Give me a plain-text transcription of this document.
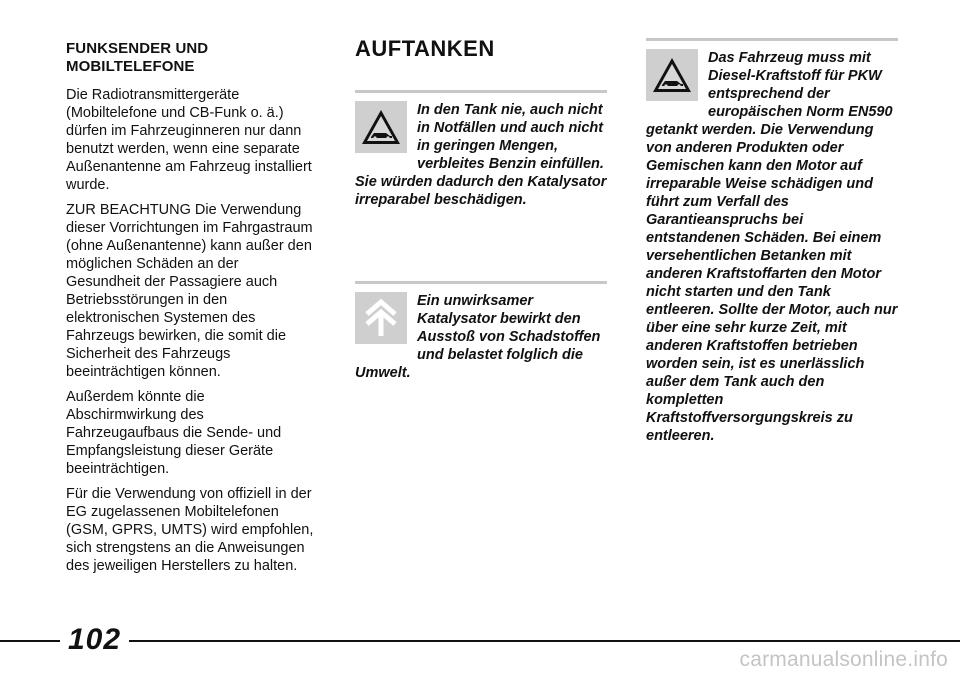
FUNKSENDER UND MOBILTELEFONE

Die Radiotransmittergeräte (Mobiltelefone und CB-Funk o. ä.) dürfen im Fahrzeuginneren nur dann benutzt werden, wenn eine separate Außenantenne am Fahrzeug installiert wurde.

ZUR BEACHTUNG Die Verwendung dieser Vorrichtungen im Fahrgastraum (ohne Außenantenne) kann außer den möglichen Schäden an der Gesundheit der Passagiere auch Betriebsstörungen in den elektronischen Systemen des Fahrzeugs bewirken, die somit die Sicherheit des Fahrzeugs beeinträchtigen können.

Außerdem könnte die Abschirmwirkung des Fahrzeugaufbaus die Sende- und Empfangsleistung dieser Geräte beeinträchtigen.

Für die Verwendung von offiziell in der EG zugelassenen Mobiltelefonen (GSM, GPRS, UMTS) wird empfohlen, sich strengstens an die Anweisungen des jeweiligen Herstellers zu halten.

AUFTANKEN
In den Tank nie, auch nicht in Notfällen und auch nicht in geringen Mengen, verbleites Benzin einfüllen. Sie würden dadurch den Katalysator irreparabel beschädigen.
Ein unwirksamer Katalysator bewirkt den Ausstoß von Schadstoffen und belastet folglich die Umwelt.
Das Fahrzeug muss mit Diesel-Kraftstoff für PKW entsprechend der europäischen Norm EN590 getankt werden. Die Verwendung von anderen Produkten oder Gemischen kann den Motor auf irreparable Weise schädigen und führt zum Verfall des Garantieanspruchs bei entstandenen Schäden. Bei einem versehentlichen Betanken mit anderen Kraftstoffarten den Motor nicht starten und den Tank entleeren. Sollte der Motor, auch nur über eine sehr kurze Zeit, mit anderen Kraftstoffen betrieben worden sein, ist es unerlässlich außer dem Tank auch den kompletten Kraftstoffversorgungskreis zu entleeren.
102
carmanualsonline.info
